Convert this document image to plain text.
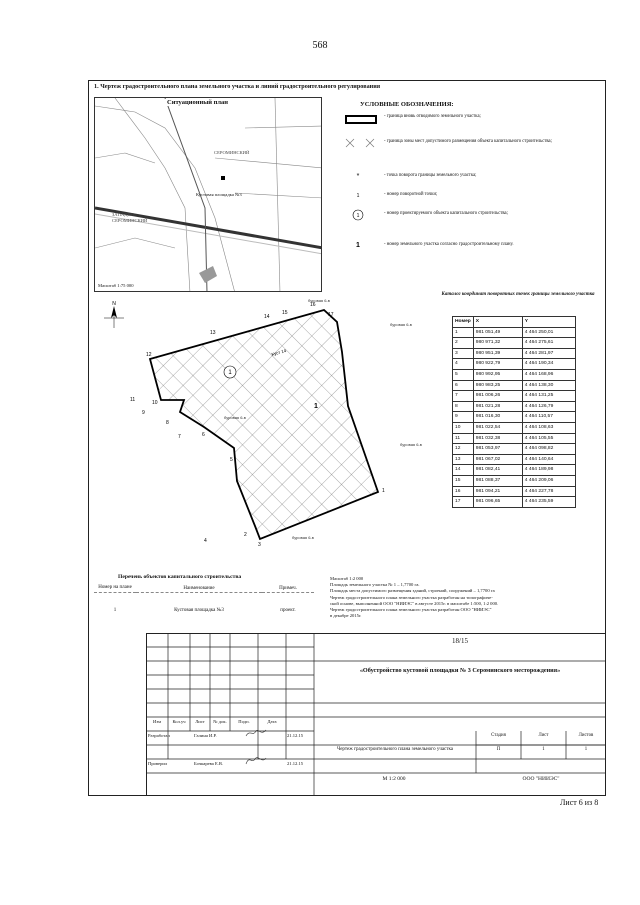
568
1. Чертеж градостроительного плана земельного участка и линий градостроительного регулирования
Ситуационный план
СЕРОМИНСКИЙ
Кустовая площадка №3
ЗАПАДНО-СЕРОМИНСКИЙ
Масштаб 1:75 000
УСЛОВНЫЕ ОБОЗНАЧЕНИЯ:
*
1
1
1
- граница вновь отводимого земельного участка;
- граница зоны мест допустимого размещения объекта капитального строительства;
- точка поворота границы земельного участка;
- номер поворотной точки;
- номер проектируемого объекта капитального строительства;
- номер земельного участка согласно градостроительному плану.
N
12
11
13
14
15
16
17
1
3
4
5
6
7
8
9
10
2
1
1
Куст 14
буровая 6-в
буровая 6-в
буровая 6-в
буровая 6-в
буровая 6-в
Каталог координат поворотных точек границы земельного участка
Номер	X	Y
1	981 051,49	4 464 250,01
2	980 971,32	4 464 275,61
3	980 951,39	4 464 281,97
4	980 922,79	4 464 190,34
5	980 992,95	4 464 168,96
6	980 983,25	4 464 138,30
7	981 006,26	4 464 131,25
8	981 021,28	4 464 126,79
9	981 016,30	4 464 110,57
10	981 022,54	4 464 108,63
11	981 032,38	4 464 105,55
12	981 053,97	4 464 098,82
13	981 067,02	4 464 140,64
14	981 082,41	4 464 189,98
15	981 088,37	4 464 209,06
16	981 094,21	4 464 227,78
17	981 096,65	4 464 235,59
Перечень объектов капитального строительства
Номер на плане	Наименование	Примеч.

1	Кустовая площадка №3	проект.
Масштаб 1:2 000
Площадь земельного участка № 1 – 1,7700 га.
Площадь места допустимого размещения зданий, строений, сооружений – 1,7700 га
Чертеж градостроительного плана земельного участка разработан на топографиче-
ской основе, выполненной ООО "НИИЭС" в августе 2015г. в масштабе 1:500, 1:2 000.
Чертеж градостроительного плана земельного участка разработан ООО "НИИЭС"
в декабре 2015г.
18/15
«Обустройство кустовой площадки № 3 Сероминского месторождения»
Изм	Кол.уч	Лист	№ док.	Подп.	Дата
Разработал	Галина И.Р.	21.12.15
Проверил	Бочкарева Е.В.	21.12.15
Чертеж градостроительного плана земельного участка
Стадия	Лист	Листов
П	1	1
М 1:2 000	ООО "НИИЭС"
Лист 6 из 8
